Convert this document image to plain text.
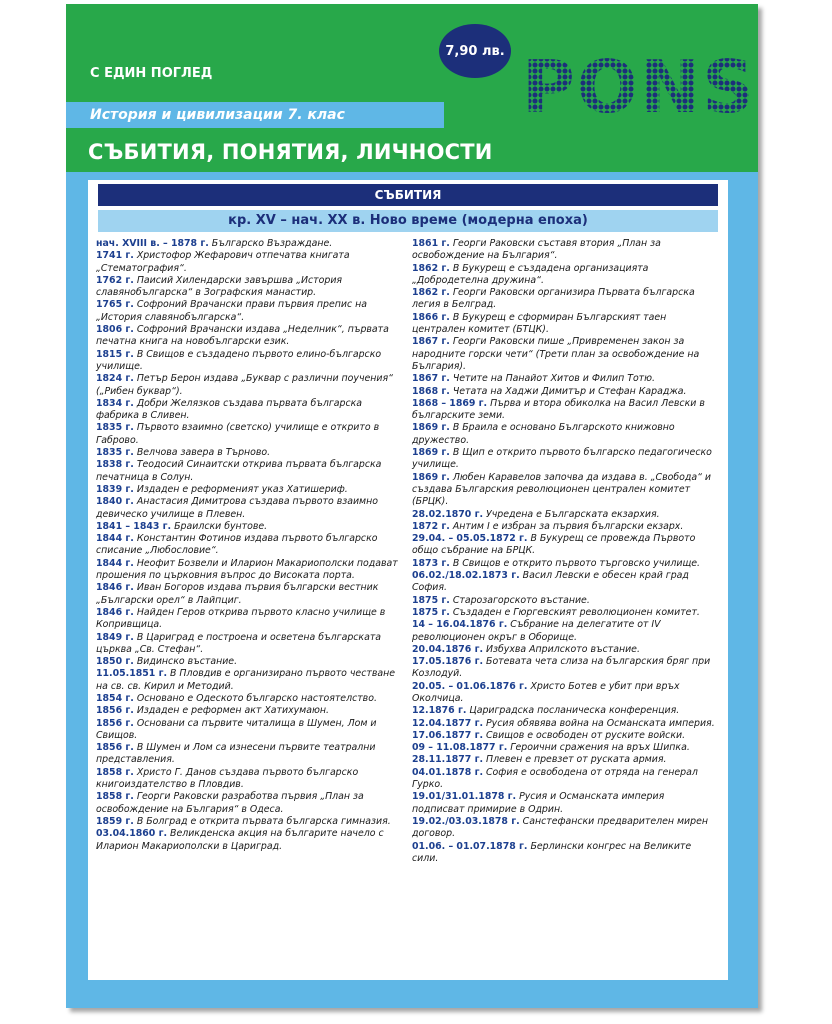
7,90 лв.
С ЕДИН ПОГЛЕД	PONS
История и цивилизации 7. клас
СЪБИТИЯ, ПОНЯТИЯ, ЛИЧНОСТИ
СЪБИТИЯ
кр. XV – нач. XX в. Ново време (модерна епоха)

нач. XVIII в. – 1878 г. Българско Възраждане.

1741 г. Христофор Жефарович отпечатва книгата „Стематография“.

1762 г. Паисий Хилендарски завършва „История славянобългарска“ в Зографския манастир.

1765 г. Софроний Врачански прави първия препис на „История славянобългарска“.

1806 г. Софроний Врачански издава „Неделник“, първата печатна книга на новобългарски език.

1815 г. В Свищов е създадено първото елино-българско училище.

1824 г. Петър Берон издава „Буквар с различни поучения“ („Рибен буквар“).

1834 г. Добри Желязков създава първата българска фабрика в Сливен.

1835 г. Първото взаимно (светско) училище е открито в Габрово.

1835 г. Велчова завера в Търново.

1838 г. Теодосий Синаитски открива първата българска печатница в Солун.

1839 г. Издаден е реформеният указ Хатишериф.

1840 г. Анастасия Димитрова създава първото взаимно девическо училище в Плевен.

1841 – 1843 г. Браилски бунтове.

1844 г. Константин Фотинов издава първото българско списание „Любословие“.

1844 г. Неофит Бозвели и Иларион Макариополски подават прошения по църковния въпрос до Високата порта.

1846 г. Иван Богоров издава първия български вестник „Български орел“ в Лайпциг.

1846 г. Найден Геров открива първото класно училище в Копривщица.

1849 г. В Цариград е построена и осветена българската църква „Св. Стефан“.

1850 г. Видинско въстание.

11.05.1851 г. В Пловдив е организирано първото честване на св. св. Кирил и Методий.

1854 г. Основано е Одеското българско настоятелство.

1856 г. Издаден е реформен акт Хатихумаюн.

1856 г. Основани са първите читалища в Шумен, Лом и Свищов.

1856 г. В Шумен и Лом са изнесени първите театрални представления.

1858 г. Христо Г. Данов създава първото българско книгоиздателство в Пловдив.

1858 г. Георги Раковски разработва първия „План за освобождение на България“ в Одеса.

1859 г. В Болград е открита първата българска гимназия.

03.04.1860 г. Великденска акция на българите начело с Иларион Макариополски в Цариград.

1861 г. Георги Раковски съставя втория „План за освобождение на България“.

1862 г. В Букурещ е създадена организацията „Добродетелна дружина“.

1862 г. Георги Раковски организира Първата българска легия в Белград.

1866 г. В Букурещ е сформиран Българският таен централен комитет (БТЦК).

1867 г. Георги Раковски пише „Привременен закон за народните горски чети“ (Трети план за освобождение на България).

1867 г. Четите на Панайот Хитов и Филип Тотю.

1868 г. Четата на Хаджи Димитър и Стефан Караджа.

1868 – 1869 г. Първа и втора обиколка на Васил Левски в българските земи.

1869 г. В Браила е основано Българското книжовно дружество.

1869 г. В Щип е открито първото българско педагогическо училище.

1869 г. Любен Каравелов започва да издава в. „Свобода“ и създава Българския революционен централен комитет (БРЦК).

28.02.1870 г. Учредена е Българската екзархия.

1872 г. Антим I е избран за първия български екзарх.

29.04. – 05.05.1872 г. В Букурещ се провежда Първото общо събрание на БРЦК.

1873 г. В Свищов е открито първото търговско училище.

06.02./18.02.1873 г. Васил Левски е обесен край град София.

1875 г. Старозагорското въстание.

1875 г. Създаден е Гюргевският революционен комитет.

14 – 16.04.1876 г. Събрание на делегатите от IV революционен окръг в Оборище.

20.04.1876 г. Избухва Априлското въстание.

17.05.1876 г. Ботевата чета слиза на българския бряг при Козлодуй.

20.05. – 01.06.1876 г. Христо Ботев е убит при връх Околчица.

12.1876 г. Цариградска посланическа конференция.

12.04.1877 г. Русия обявява война на Османската империя.

17.06.1877 г. Свищов е освободен от руските войски.

09 – 11.08.1877 г. Героични сражения на връх Шипка.

28.11.1877 г. Плевен е превзет от руската армия.

04.01.1878 г. София е освободена от отряда на генерал Гурко.

19.01/31.01.1878 г. Русия и Османската империя подписват примирие в Одрин.

19.02./03.03.1878 г. Санстефански предварителен мирен договор.

01.06. – 01.07.1878 г. Берлински конгрес на Великите сили.
